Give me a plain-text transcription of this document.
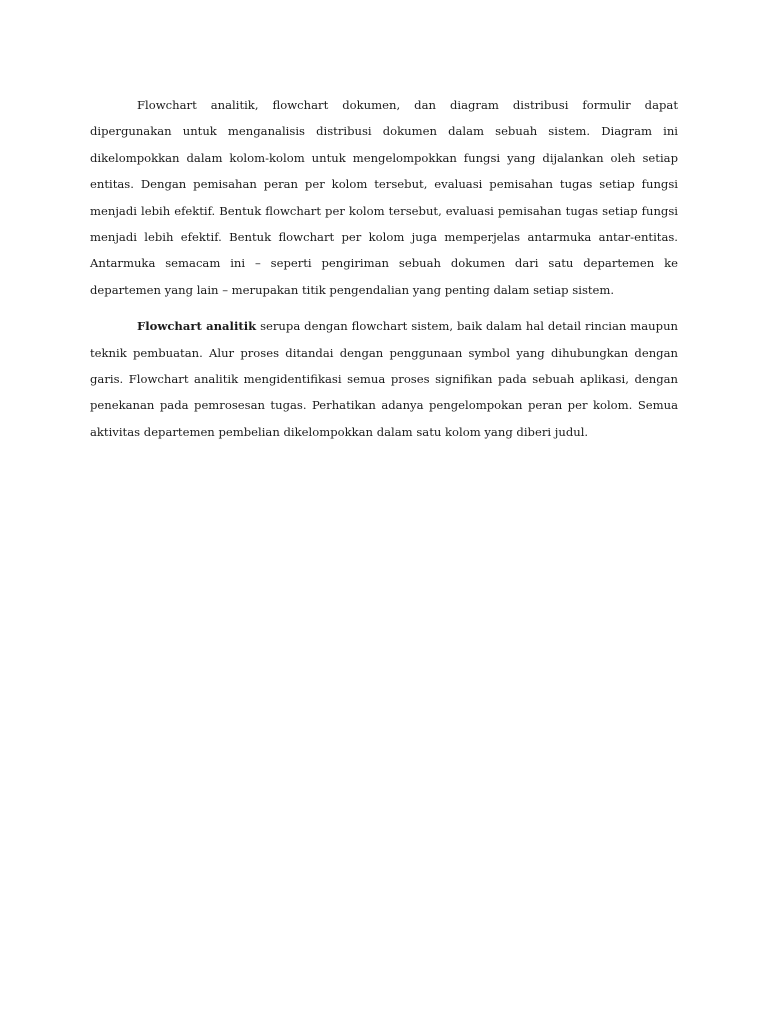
Flowchart analitik, flowchart dokumen, dan diagram distribusi formulir dapat dipergunakan untuk menganalisis distribusi dokumen dalam sebuah sistem. Diagram ini dikelompokkan dalam kolom-kolom untuk mengelompokkan fungsi yang dijalankan oleh setiap entitas. Dengan pemisahan peran per kolom tersebut, evaluasi pemisahan tugas setiap fungsi menjadi lebih efektif. Bentuk flowchart per kolom tersebut, evaluasi pemisahan tugas setiap fungsi menjadi lebih efektif. Bentuk flowchart per kolom juga memperjelas antarmuka antar-entitas. Antarmuka semacam ini – seperti pengiriman sebuah dokumen dari satu departemen ke departemen yang lain – merupakan titik pengendalian yang penting dalam setiap sistem.

Flowchart analitik serupa dengan flowchart sistem, baik dalam hal detail rincian maupun teknik pembuatan. Alur proses ditandai dengan penggunaan symbol yang dihubungkan dengan garis. Flowchart analitik mengidentifikasi semua proses signifikan pada sebuah aplikasi, dengan penekanan pada pemrosesan tugas. Perhatikan adanya pengelompokan peran per kolom. Semua aktivitas departemen pembelian dikelompokkan dalam satu kolom yang diberi judul.
